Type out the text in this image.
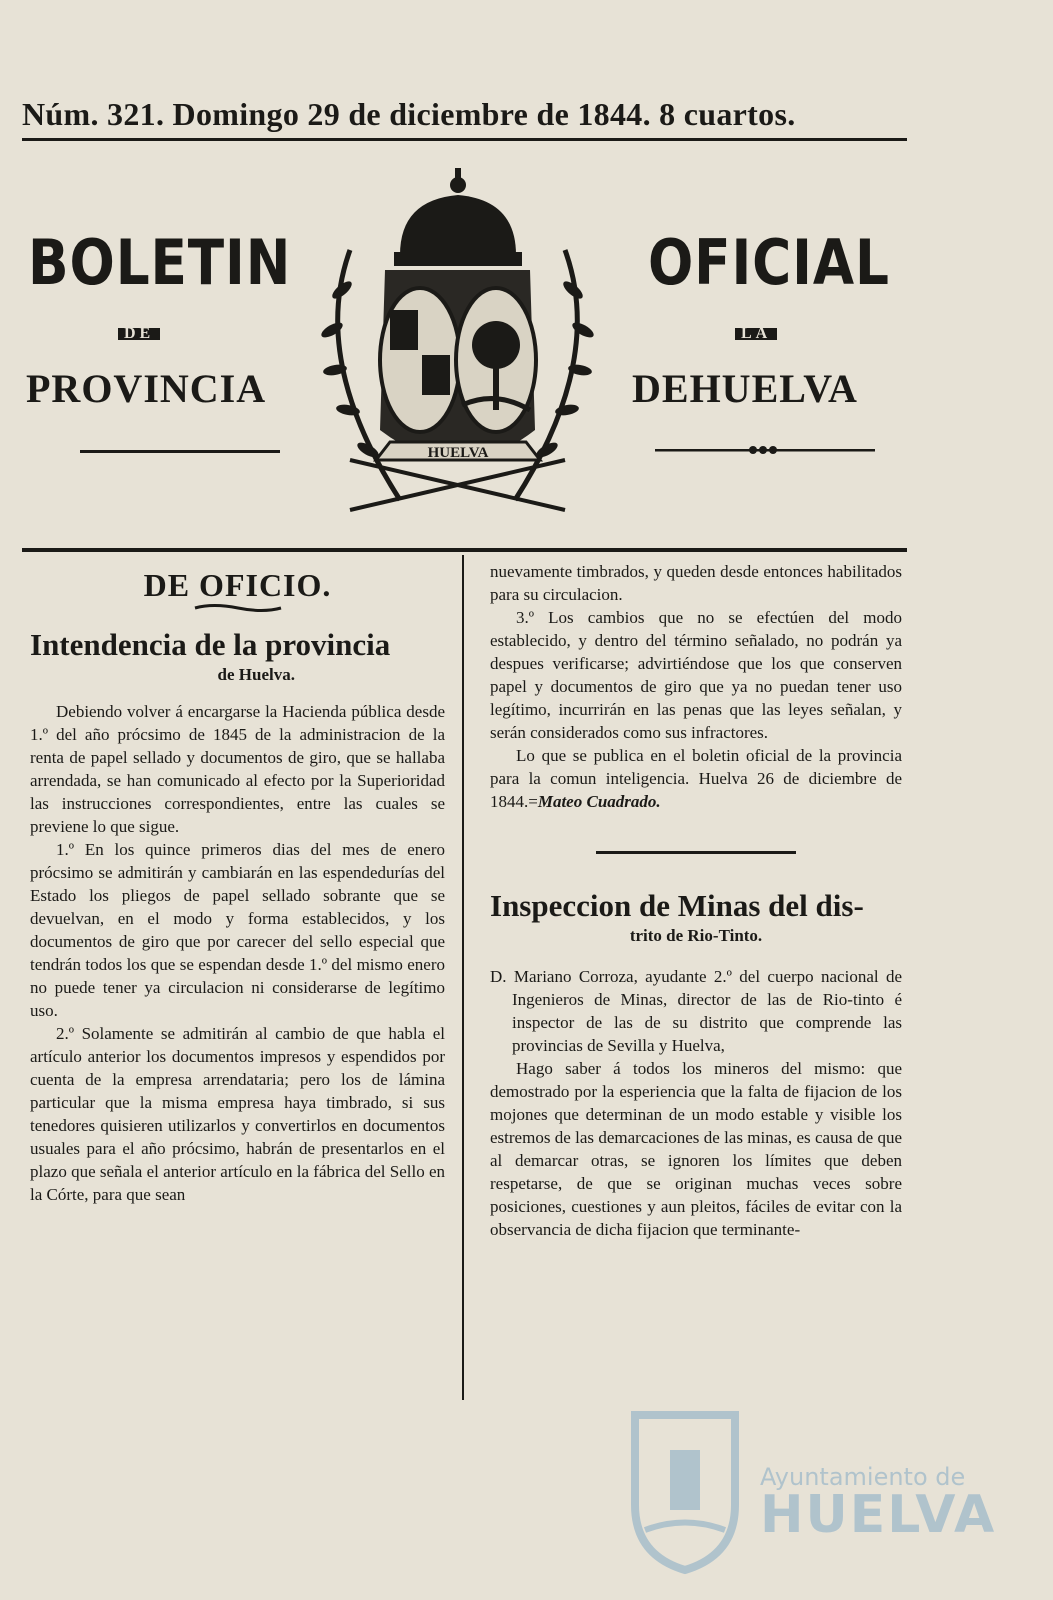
Núm. 321. Domingo 29 de diciembre de 1844. 8 cuartos.
BOLETIN	OFICIAL
DE	LA
PROVINCIA	DEHUELVA
HUELVA
DE OFICIO.
Intendencia de la provincia
de Huelva.

Debiendo volver á encargarse la Hacienda pública desde 1.º del año prócsimo de 1845 de la administracion de la renta de papel sellado y documentos de giro, que se hallaba arrendada, se han comunicado al efecto por la Superioridad las instrucciones correspondientes, entre las cuales se previene lo que sigue.

1.º En los quince primeros dias del mes de enero prócsimo se admitirán y cambiarán en las espendedurías del Estado los pliegos de papel sellado sobrante que se devuelvan, en el modo y forma establecidos, y los documentos de giro que por carecer del sello especial que tendrán todos los que se espendan desde 1.º del mismo enero no puede tener ya circulacion ni considerarse de legítimo uso.

2.º Solamente se admitirán al cambio de que habla el artículo anterior los documentos impresos y espendidos por cuenta de la empresa arrendataria; pero los de lámina particular que la misma empresa haya timbrado, si sus tenedores quisieren utilizarlos y convertirlos en documentos usuales para el año prócsimo, habrán de presentarlos en el plazo que señala el anterior artículo en la fábrica del Sello en la Córte, para que sean

nuevamente timbrados, y queden desde entonces habilitados para su circulacion.

3.º Los cambios que no se efectúen del modo establecido, y dentro del término señalado, no podrán ya despues verificarse; advirtiéndose que los que conserven papel y documentos de giro que ya no puedan tener uso legítimo, incurrirán en las penas que las leyes señalan, y serán considerados como sus infractores.

Lo que se publica en el boletin oficial de la provincia para la comun inteligencia. Huelva 26 de diciembre de 1844.=Mateo Cuadrado.

Inspeccion de Minas del dis-
trito de Rio-Tinto.

D. Mariano Corroza, ayudante 2.º del cuerpo nacional de Ingenieros de Minas, director de las de Rio-tinto é inspector de las de su distrito que comprende las provincias de Sevilla y Huelva,

Hago saber á todos los mineros del mismo: que demostrado por la esperiencia que la falta de fijacion de los mojones que determinan de un modo estable y visible los estremos de las demarcaciones de las minas, es causa de que al demarcar otras, se ignoren los límites que deben respetarse, de que se originan muchas veces sobre posiciones, cuestiones y aun pleitos, fáciles de evitar con la observancia de dicha fijacion que terminante-

Ayuntamiento de
HUELVA
